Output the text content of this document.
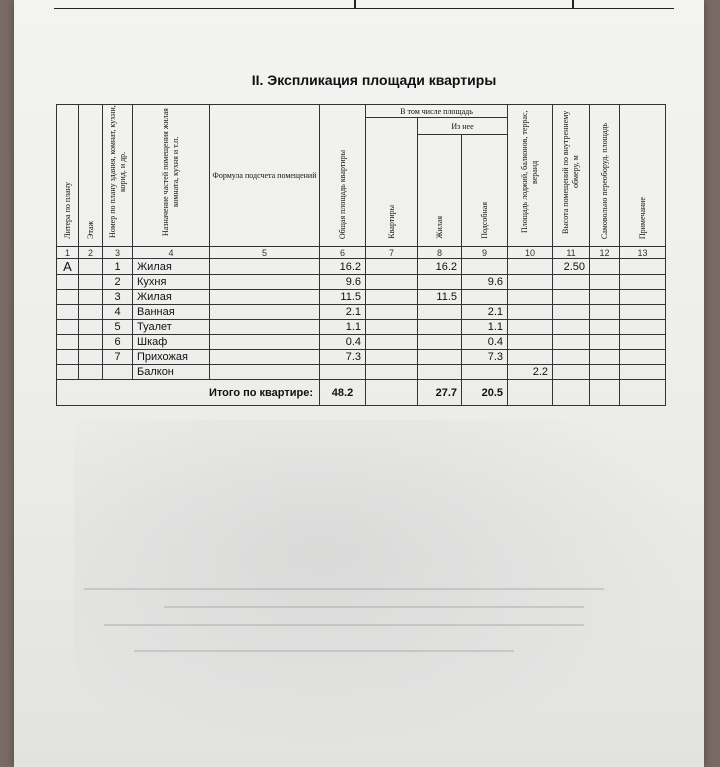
II. Экспликация площади квартиры
Литера по плану	Этаж	Номер по плану здания, комнат, кухни, корид. и др.	Назначение частей помещения жилая комната, кухня и т.п.	Формула подсчета помещений	Общая площадь квартиры	В том числе площадь			Площадь лоджий, балконов, террас, веранд	Высота помещений по внутреннему обмеру, м	Самовольно переоборуд. площадь	Примечание
						Квартиры	Из нее					
							Жилая	Подсобная				
1	2	3	4	5	6	7	8	9	10	11	12	13
А		1	Жилая		16.2		16.2			2.50		
		2	Кухня		9.6			9.6				
		3	Жилая		11.5		11.5					
		4	Ванная		2.1			2.1				
		5	Туалет		1.1			1.1				
		6	Шкаф		0.4			0.4				
		7	Прихожая		7.3			7.3				
			Балкон						2.2			
Итого по квартире:					48.2		27.7	20.5				
